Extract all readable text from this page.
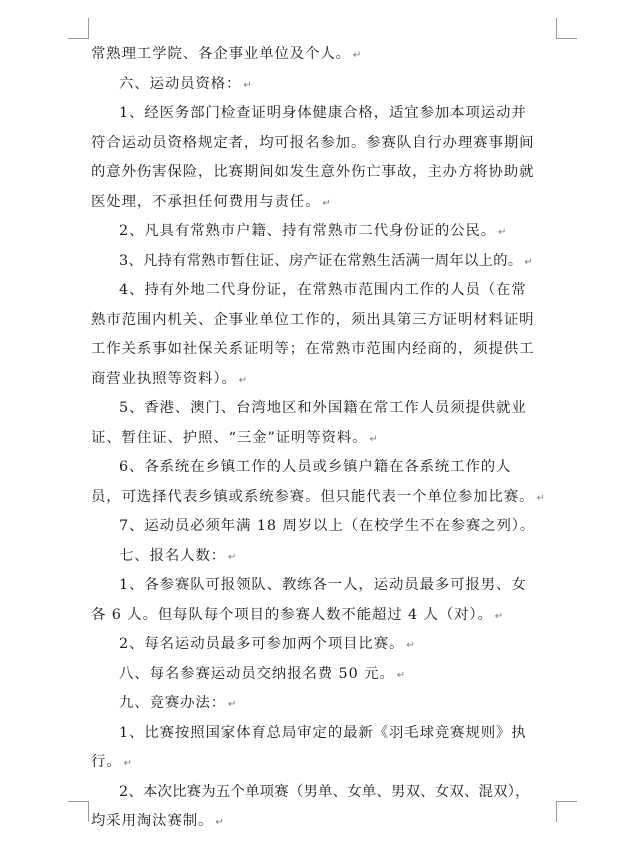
常熟理工学院、各企事业单位及个人。 ↵
六、运动员资格： ↵
1、经医务部门检查证明身体健康合格，适宜参加本项运动并
符合运动员资格规定者，均可报名参加。参赛队自行办理赛事期间
的意外伤害保险，比赛期间如发生意外伤亡事故，主办方将协助就
医处理，不承担任何费用与责任。 ↵
2、凡具有常熟市户籍、持有常熟市二代身份证的公民。 ↵
3、凡持有常熟市暂住证、房产证在常熟生活满一周年以上的。 ↵
4、持有外地二代身份证，在常熟市范围内工作的人员（在常
熟市范围内机关、企事业单位工作的，须出具第三方证明材料证明
工作关系事如社保关系证明等；在常熟市范围内经商的，须提供工
商营业执照等资料）。 ↵
5、香港、澳门、台湾地区和外国籍在常工作人员须提供就业
证、暂住证、护照、“三金”证明等资料。 ↵
6、各系统在乡镇工作的人员或乡镇户籍在各系统工作的人
员，可选择代表乡镇或系统参赛。但只能代表一个单位参加比赛。 ↵
7、运动员必须年满 18 周岁以上（在校学生不在参赛之列）。
七、报名人数： ↵
1、各参赛队可报领队、教练各一人，运动员最多可报男、女
各 6 人。但每队每个项目的参赛人数不能超过 4 人（对）。 ↵
2、每名运动员最多可参加两个项目比赛。 ↵
八、每名参赛运动员交纳报名费 50 元。 ↵
九、竞赛办法： ↵
1、比赛按照国家体育总局审定的最新《羽毛球竞赛规则》执
行。 ↵
2、本次比赛为五个单项赛（男单、女单、男双、女双、混双），
均采用淘汰赛制。 ↵
